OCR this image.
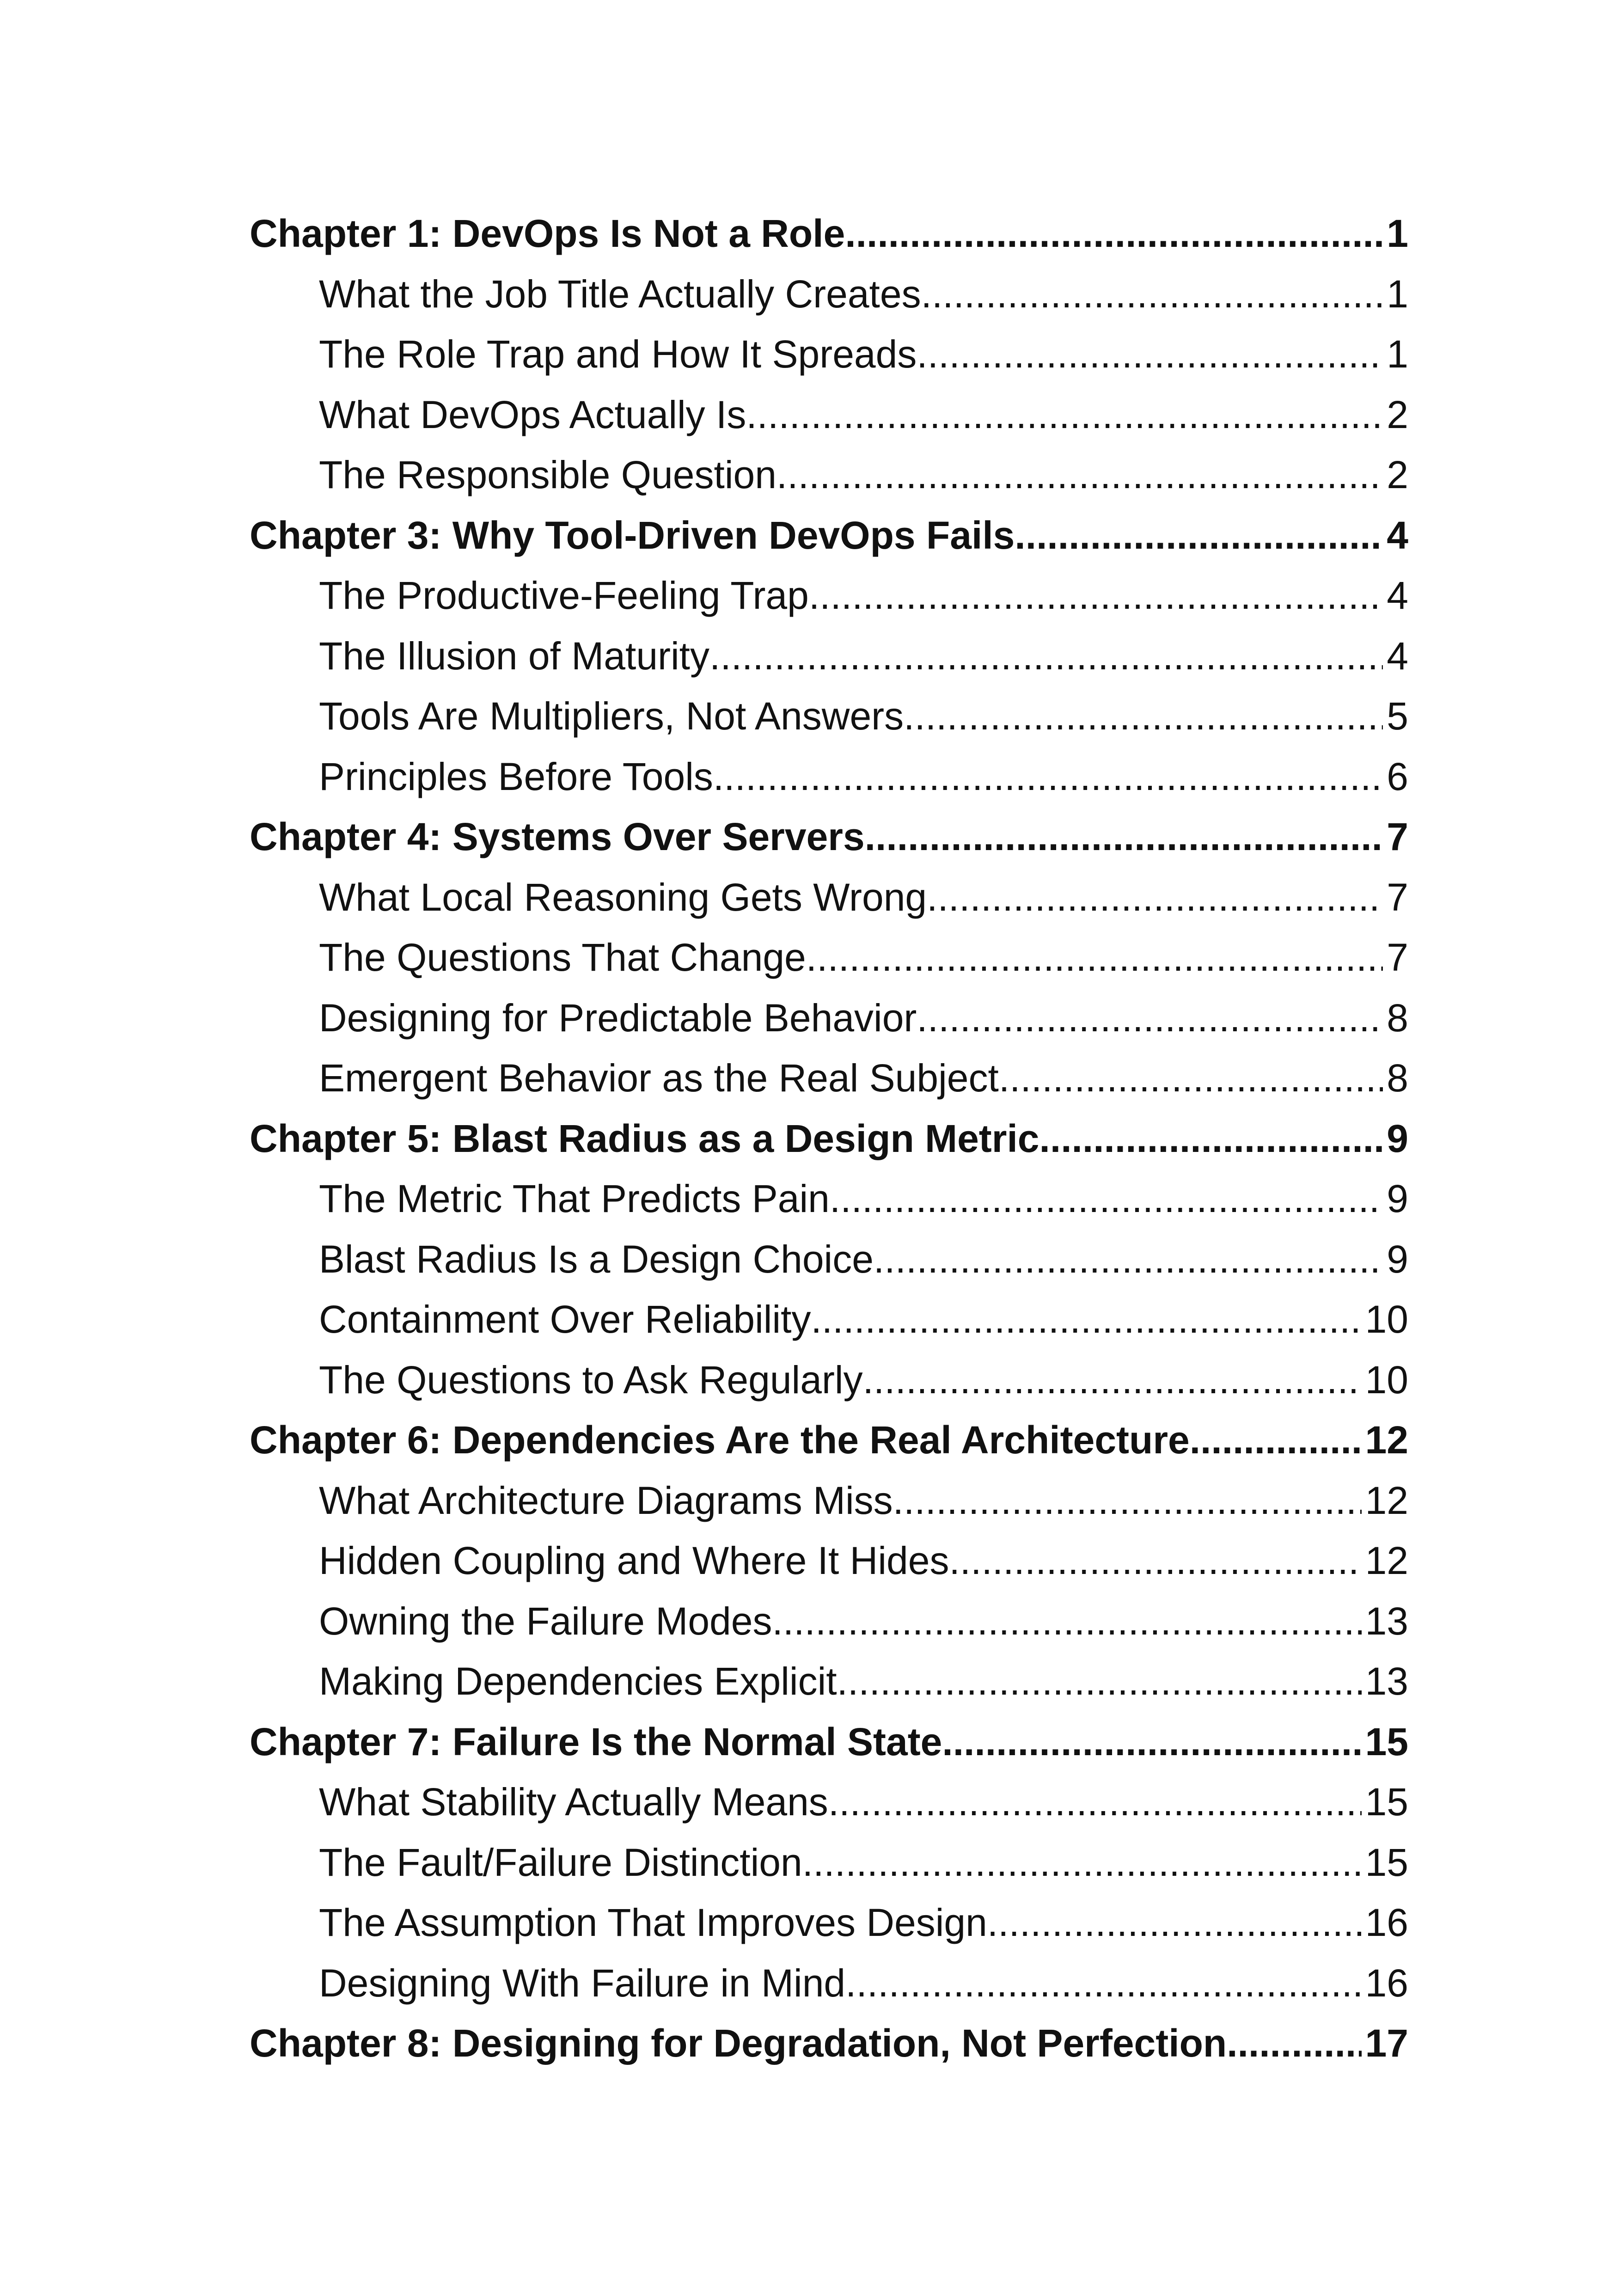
Chapter 1: DevOps Is Not a Role .....	1
What the Job Title Actually Creates .....	1
The Role Trap and How It Spreads .....	1
What DevOps Actually Is .....	2
The Responsible Question .....	2
Chapter 3: Why Tool-Driven DevOps Fails .....	4
The Productive-Feeling Trap .....	4
The Illusion of Maturity .....	4
Tools Are Multipliers, Not Answers .....	5
Principles Before Tools .....	6
Chapter 4: Systems Over Servers .....	7
What Local Reasoning Gets Wrong .....	7
The Questions That Change .....	7
Designing for Predictable Behavior .....	8
Emergent Behavior as the Real Subject .....	8
Chapter 5: Blast Radius as a Design Metric .....	9
The Metric That Predicts Pain .....	9
Blast Radius Is a Design Choice .....	9
Containment Over Reliability .....	10
The Questions to Ask Regularly .....	10
Chapter 6: Dependencies Are the Real Architecture .....	12
What Architecture Diagrams Miss .....	12
Hidden Coupling and Where It Hides .....	12
Owning the Failure Modes .....	13
Making Dependencies Explicit .....	13
Chapter 7: Failure Is the Normal State .....	15
What Stability Actually Means .....	15
The Fault/Failure Distinction .....	15
The Assumption That Improves Design .....	16
Designing With Failure in Mind .....	16
Chapter 8: Designing for Degradation, Not Perfection .....	17
